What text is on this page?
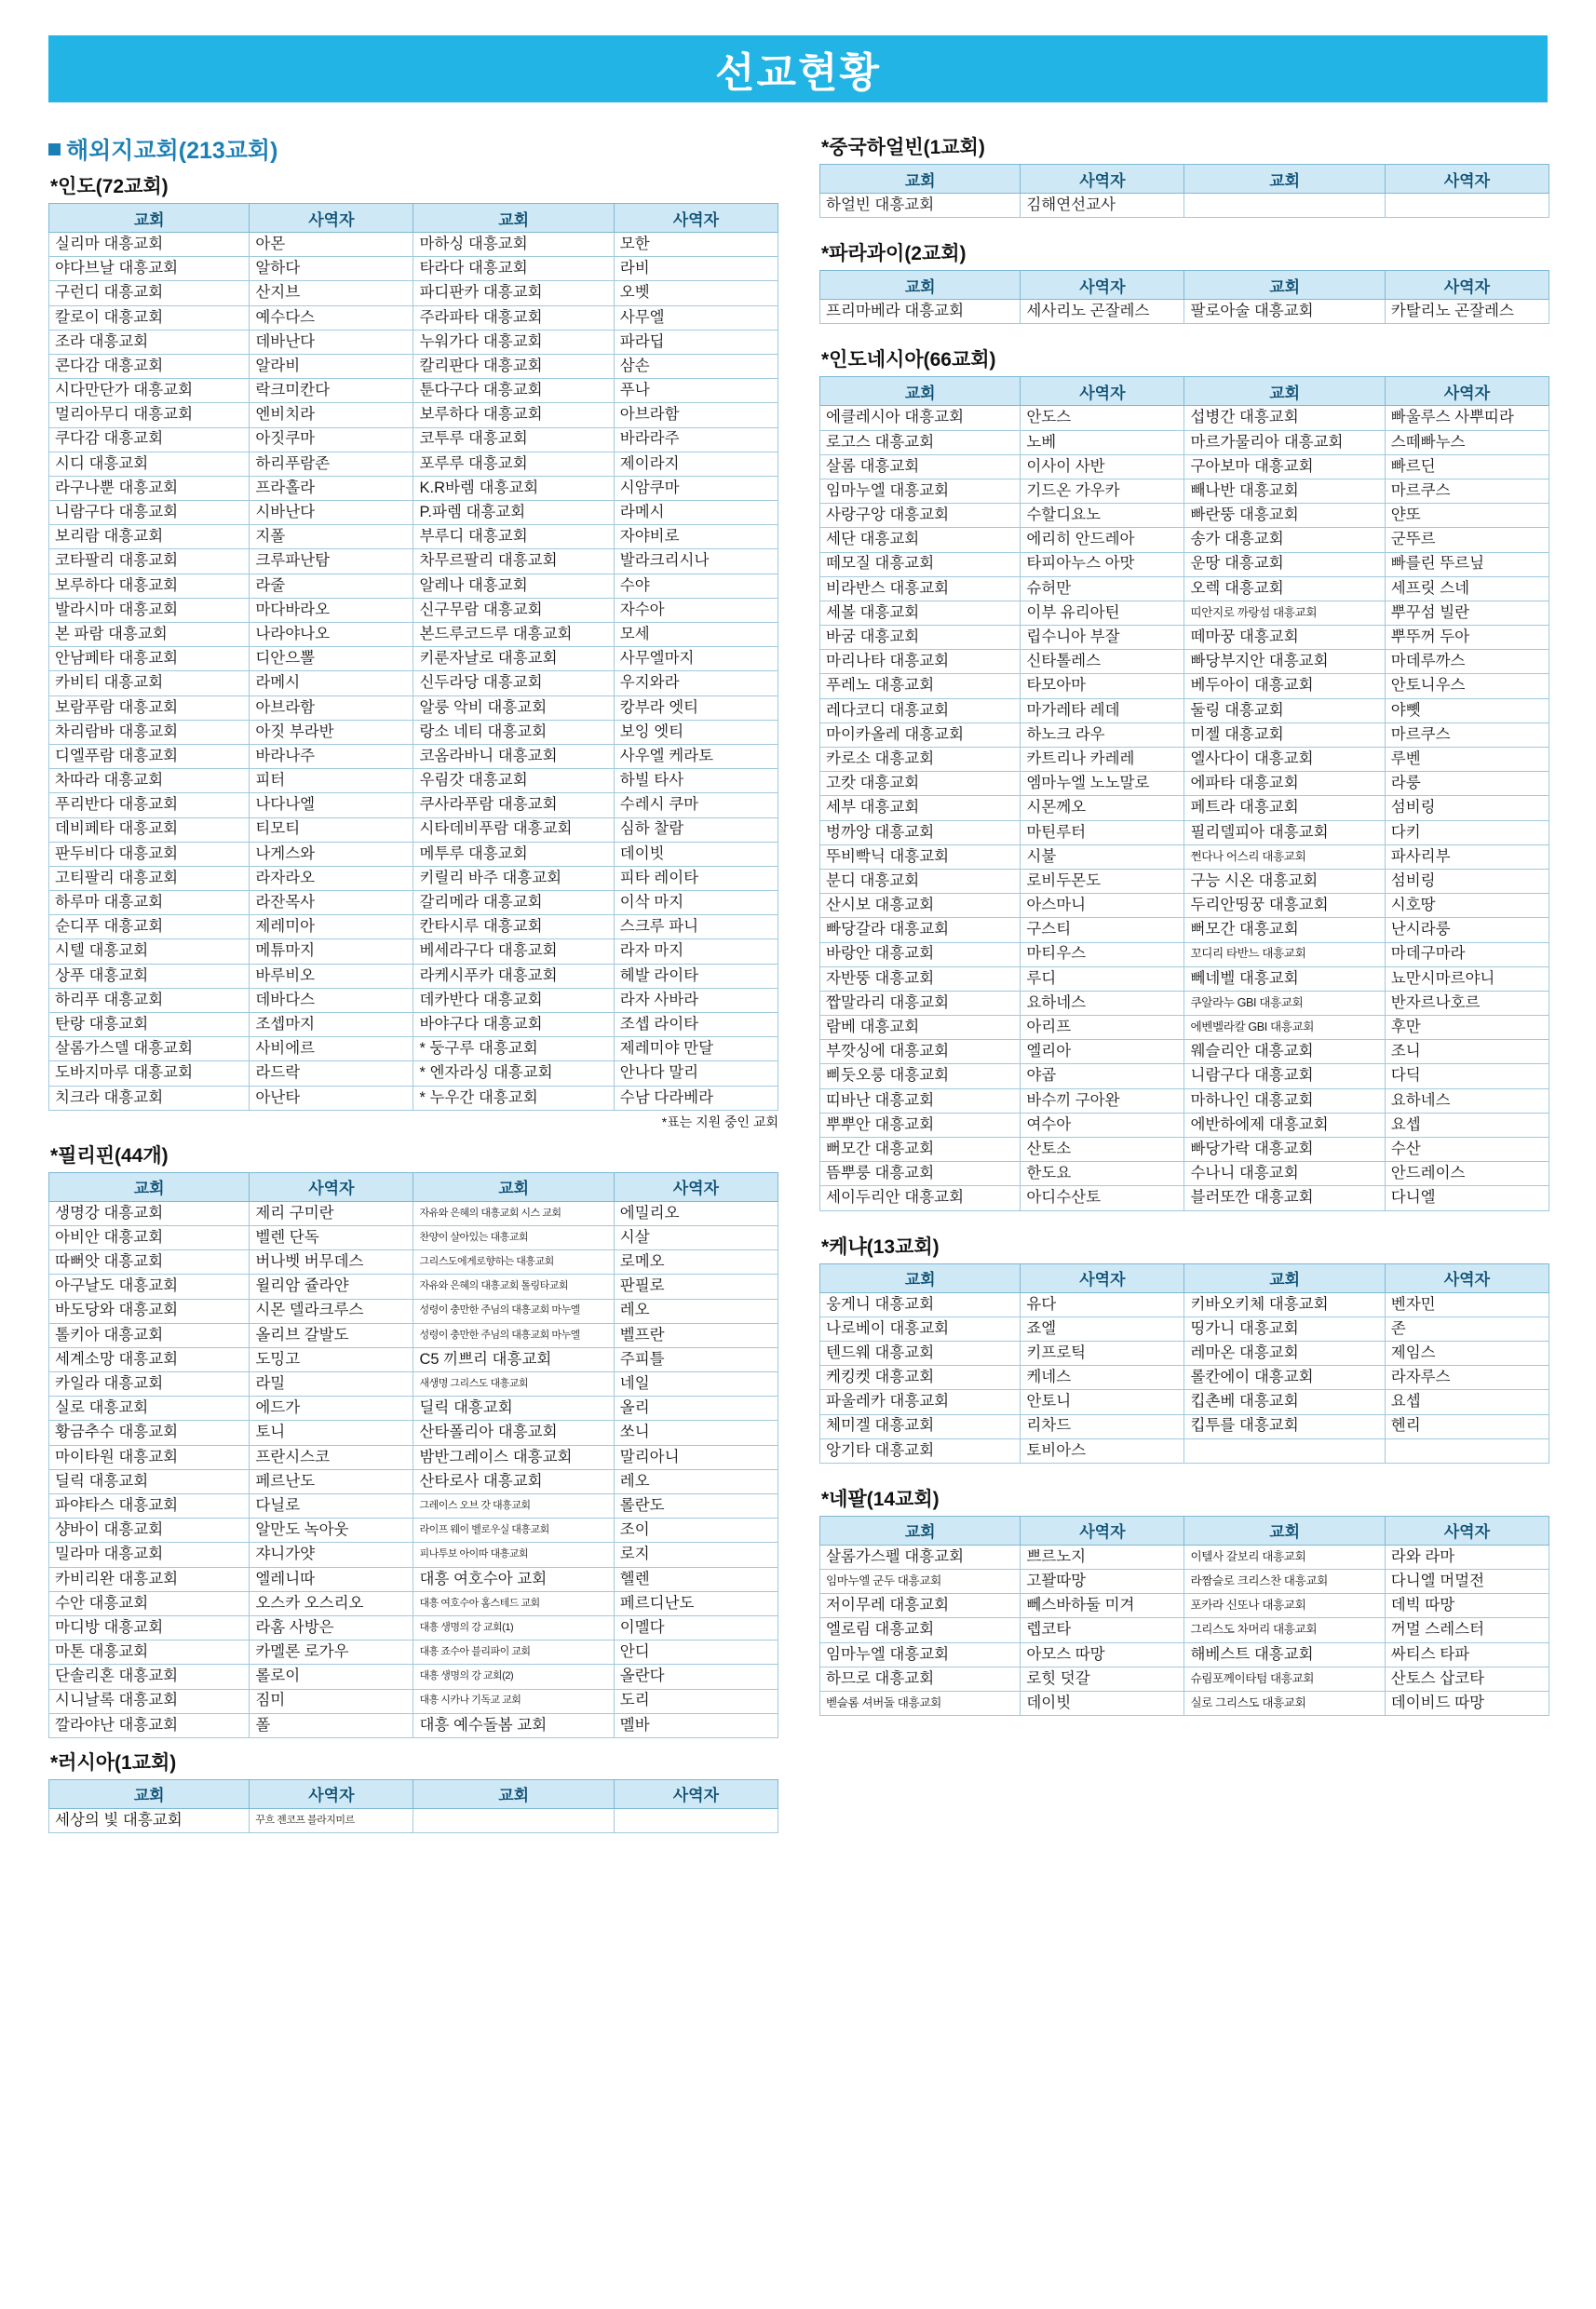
선교현황
해외지교회(213교회)
*인도(72교회)
교회	사역자	교회	사역자
실리마 대흥교회	아몬	마하싱 대흥교회	모한
야다브날 대흥교회	알하다	타라다 대흥교회	라비
구런디 대흥교회	산지브	파디판카 대흥교회	오벳
칼로이 대흥교회	예수다스	주라파타 대흥교회	사무엘
조라 대흥교회	데바난다	누워가다 대흥교회	파라딥
콘다감 대흥교회	알라비	칼리판다 대흥교회	삼손
시다만단가 대흥교회	락크미칸다	툰다구다 대흥교회	푸나
멀리아무디 대흥교회	엔비치라	보루하다 대흥교회	아브라함
쿠다감 대흥교회	아짓쿠마	코투루 대흥교회	바라라주
시디 대흥교회	하리푸람존	포루루 대흥교회	제이라지
라구나뿐 대흥교회	프라홀라	K.R바렘 대흥교회	시암쿠마
니람구다 대흥교회	시바난다	P.파렘 대흥교회	라메시
보리람 대흥교회	지폴	부루디 대흥교회	자야비로
코타팔리 대흥교회	크루파난탐	차무르팔리 대흥교회	발라크리시나
보루하다 대흥교회	라줄	알레나 대흥교회	수야
발라시마 대흥교회	마다바라오	신구무람 대흥교회	자수아
본 파람 대흥교회	나라야나오	본드루코드루 대흥교회	모세
안남페타 대흥교회	디안으뽈	키룬자날로 대흥교회	사무엘마지
카비티 대흥교회	라메시	신두라당 대흥교회	우지와라
보람푸람 대흥교회	아브라함	알룽 악비 대흥교회	캉부라 엣티
차리람바 대흥교회	아짓 부라반	랑소 네티 대흥교회	보잉 엣티
디엘푸람 대흥교회	바라나주	코옴라바니 대흥교회	사우엘 케라토
차따라 대흥교회	피터	우림갓 대흥교회	하빌 타사
푸리반다 대흥교회	나다나엘	쿠사라푸람 대흥교회	수레시 쿠마
데비페타 대흥교회	티모티	시타데비푸람 대흥교회	심하 찰람
판두비다 대흥교회	나게스와	메투루 대흥교회	데이빗
고티팔리 대흥교회	라자라오	키릴리 바주 대흥교회	피타 레이타
하루마 대흥교회	라잔목사	갈리메라 대흥교회	이삭 마지
순디푸 대흥교회	제레미아	칸타시루 대흥교회	스크루 파니
시텔 대흥교회	메튜마지	베세라구다 대흥교회	라자 마지
상푸 대흥교회	바루비오	라케시푸카 대흥교회	헤발 라이타
하리푸 대흥교회	데바다스	데카반다 대흥교회	라자 사바라
탄랑 대흥교회	조셉마지	바야구다 대흥교회	조셉 라이타
살롬가스델 대흥교회	사비에르	* 둥구루 대흥교회	제레미야 만달
도바지마루 대흥교회	라드락	* 엔자라싱 대흥교회	안나다 말리
치크라 대흥교회	아난타	* 누우간 대흥교회	수남 다라베라
*표는 지원 중인 교회
*필리핀(44개)
교회	사역자	교회	사역자
생명강 대흥교회	제리 구미란	자유와 은혜의 대흥교회 시스 교회	에밀리오
아비안 대흥교회	벨렌 단독	찬양이 살아있는 대흥교회	시살
따뻐앗 대흥교회	버나벳 버무데스	그리스도에게로향하는 대흥교회	로메오
아구날도 대흥교회	윌리암 쥴라얀	자유와 은혜의 대흥교회 톨링타교회	판필로
바도당와 대흥교회	시몬 델라크루스	성령이 충만한 주님의 대흥교회 마누엘	레오
톨키아 대흥교회	올리브 갈발도	성령이 충만한 주님의 대흥교회 마누엘	벨프란
세계소망 대흥교회	도밍고	C5 끼쁘리 대흥교회	주피틀
카일라 대흥교회	라밀	새생명 그리스도 대흥교회	네일
실로 대흥교회	에드가	딜릭 대흥교회	올리
황금추수 대흥교회	토니	산타폴리아 대흥교회	쏘니
마이타원 대흥교회	프란시스코	밤반그레이스 대흥교회	말리아니
딜릭 대흥교회	페르난도	산타로사 대흥교회	레오
파야타스 대흥교회	다닐로	그레이스 오브 갓 대흥교회	롤란도
샹바이 대흥교회	알만도 녹아웃	라이프 웨이 벨로우실 대흥교회	조이
밀라마 대흥교회	쟈니가얏	피나투보 아이따 대흥교회	로지
카비리완 대흥교회	엘레니따	대흥 여호수아 교회	헬렌
수안 대흥교회	오스카 오스리오	대흥 여호수아 홈스테드 교회	페르디난도
마디방 대흥교회	라홈 사방은	대흥 생명의 강 교회(1)	이멜다
마톤 대흥교회	카멜론 로가우	대흥 죠수아 블리파이 교회	안디
단솔리혼 대흥교회	롤로이	대흥 생명의 강 교회(2)	올란다
시니날록 대흥교회	짐미	대흥 시카나 기독교 교회	도리
깔라야난 대흥교회	폴	대흥 예수돌봄 교회	멜바
*러시아(1교회)
교회	사역자	교회	사역자
세상의 빛 대흥교회	꾸흐 젠코프 블라지미르		
*중국하얼빈(1교회)
교회	사역자	교회	사역자
하얼빈 대흥교회	김해연선교사		
*파라과이(2교회)
교회	사역자	교회	사역자
프리마베라 대흥교회	세사리노 곤잘레스	팔로아술 대흥교회	카탈리노 곤잘레스
*인도네시아(66교회)
교회	사역자	교회	사역자
에클레시아 대흥교회	안도스	섭병간 대흥교회	빠울루스 사뿌띠라
로고스 대흥교회	노베	마르가물리아 대흥교회	스떼빠누스
살롬 대흥교회	이사이 사반	구아보마 대흥교회	빠르딘
임마누엘 대흥교회	기드온 가우카	빼나반 대흥교회	마르쿠스
사랑구앙 대흥교회	수할디요노	빠란뚱 대흥교회	얀또
세단 대흥교회	에리히 안드레아	송가 대흥교회	군뚜르
떼모질 대흥교회	타피아누스 아맛	운땅 대흥교회	빠를린 뚜르닢
비라반스 대흥교회	슈허만	오렉 대흥교회	세프릿 스네
세볼 대흥교회	이부 유리아틴	띠안지로 까랑섬 대흥교회	뿌꾸섬 빌란
바굼 대흥교회	립수니아 부잘	떼마꿍 대흥교회	뿌뚜꺼 두아
마리나타 대흥교회	신타톨레스	빠당부지안 대흥교회	마데루까스
푸레노 대흥교회	타모아마	베두아이 대흥교회	안토니우스
레다코디 대흥교회	마가레타 레데	둘링 대흥교회	야뼷
마이카올레 대흥교회	하노크 라우	미젤 대흥교회	마르쿠스
카로소 대흥교회	카트리나 카레레	엘사다이 대흥교회	루벤
고캇 대흥교회	엠마누엘 노노말로	에파타 대흥교회	라룽
세부 대흥교회	시몬께오	페트라 대흥교회	섬비링
벙까앙 대흥교회	마틴루터	필리델피아 대흥교회	다키
뚜비빡닉 대흥교회	시불	쩐다나 어스리 대흥교회	파사리부
분디 대흥교회	로비두몬도	구능 시온 대흥교회	섬비링
산시보 대흥교회	아스마니	두리안띵꿍 대흥교회	시호땅
빠당갈라 대흥교회	구스티	뻐모간 대흥교회	난시라룽
바랑안 대흥교회	마티우스	꼬디리 타반느 대흥교회	마데구마라
자반뚱 대흥교회	루디	뻬네벨 대흥교회	뇨만시마르야니
짭말라리 대흥교회	요하네스	쿠알라누 GBI 대흥교회	반자르나호르
람베 대흥교회	아리프	에벤벨라칼 GBI 대흥교회	후만
부깟싱에 대흥교회	엘리아	웨슬리안 대흥교회	조니
삐둣오룽 대흥교회	야곱	니람구다 대흥교회	다딕
띠바난 대흥교회	바수끼 구아완	마하나인 대흥교회	요하네스
뿌뿌안 대흥교회	여수아	에반하에제 대흥교회	요셉
뻐모간 대흥교회	산토소	빠당가락 대흥교회	수산
뜸뿌룽 대흥교회	한도요	수나니 대흥교회	안드레이스
세이두리안 대흥교회	아디수산토	블러또깐 대흥교회	다니엘
*케냐(13교회)
교회	사역자	교회	사역자
웅게니 대흥교회	유다	키바오키체 대흥교회	벤자민
나로베이 대흥교회	죠엘	띵가니 대흥교회	존
텐드웨 대흥교회	키프로틱	레마온 대흥교회	제임스
케킹켓 대흥교회	케네스	롤칸에이 대흥교회	라자루스
파울레카 대흥교회	안토니	킵촌베 대흥교회	요셉
체미겔 대흥교회	리차드	킵투를 대흥교회	헨리
앙기타 대흥교회	토비아스		
*네팔(14교회)
교회	사역자	교회	사역자
살롬가스펠 대흥교회	쁘르노지	이텔사 갈보리 대흥교회	라와 라마
임마누엘 군두 대흥교회	고꽐따망	라짬슬로 크리스찬 대흥교회	다니엘 머멀전
저이무레 대흥교회	뻬스바하둘 미겨	포카라 신또나 대흥교회	데빅 따망
엘로림 대흥교회	렙코타	그리스도 차머리 대흥교회	꺼멀 스레스터
임마누엘 대흥교회	아모스 따망	해베스트 대흥교회	싸티스 타파
하므로 대흥교회	로힛 덧갈	슈림포께이타텀 대흥교회	산토스 삽코타
벧슬롬 셔버돌 대흥교회	데이빗	실로 그리스도 대흥교회	데이비드 따망
